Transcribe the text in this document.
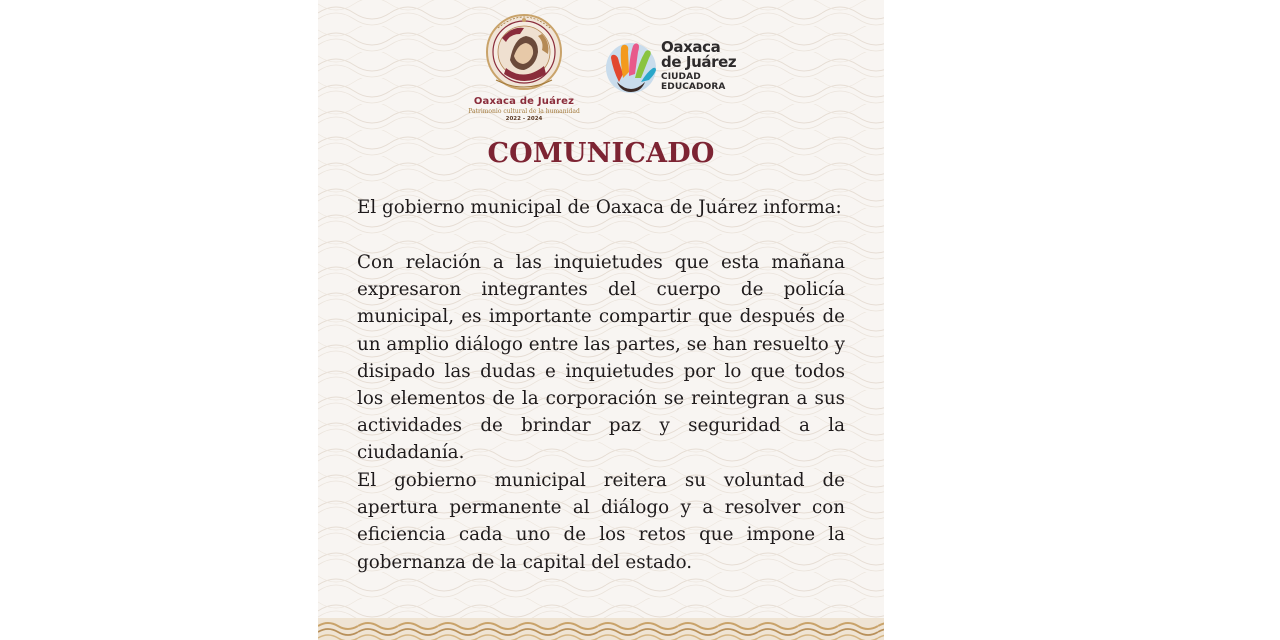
Oaxaca de Juárez
Patrimonio cultural de la humanidad
2022 - 2024
Oaxaca
de Juárez
CIUDAD
EDUCADORA
COMUNICADO

El gobierno municipal de Oaxaca de Juárez informa:

Con relación a las inquietudes que esta mañana expresaron integrantes del cuerpo de policía municipal, es importante compartir que después de un amplio diálogo entre las partes, se han resuelto y disipado las dudas e inquietudes por lo que todos los elementos de la corporación se reintegran a sus actividades de brindar paz y seguridad a la ciudadanía.

El gobierno municipal reitera su voluntad de apertura permanente al diálogo y a resolver con eficiencia cada uno de los retos que impone la gobernanza de la capital del estado.
